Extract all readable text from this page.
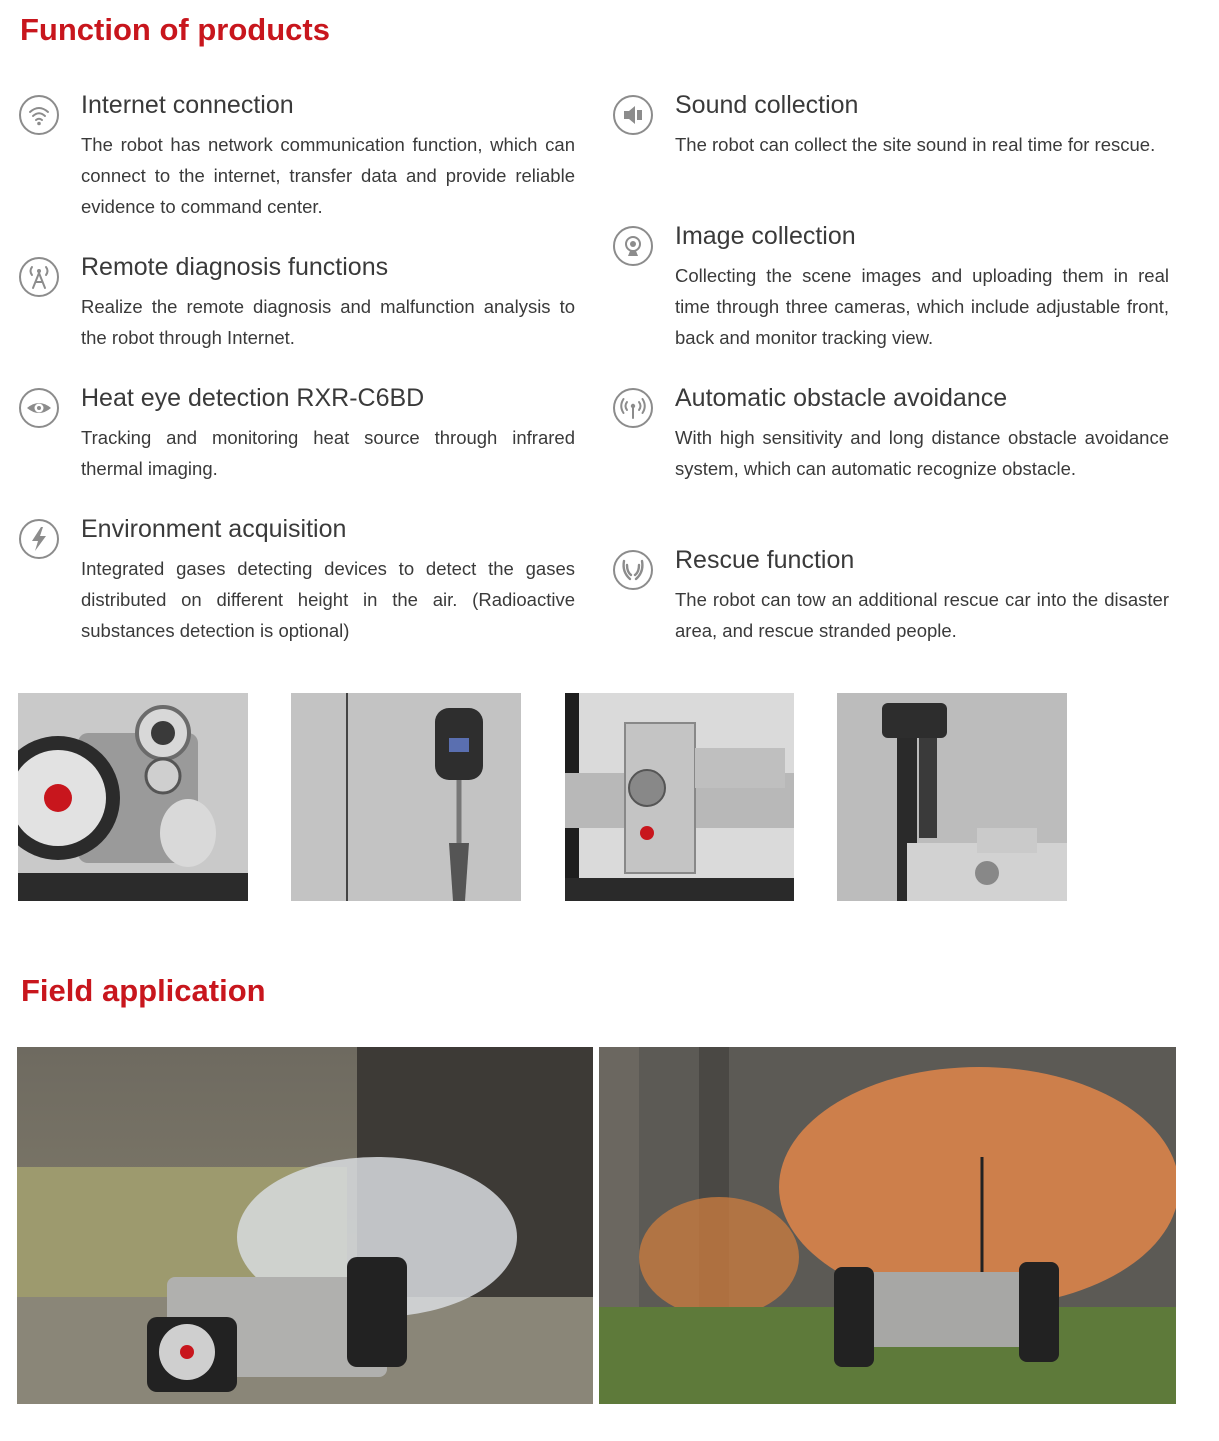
Function of products
Internet connection

The robot has network communication function, which can connect to the internet, transfer data and provide reliable evidence to command center.

Remote diagnosis functions

Realize the remote diagnosis and malfunction analysis to the robot through Internet.

Heat eye detection RXR-C6BD

Tracking and monitoring heat source through infrared thermal imaging.

Environment acquisition

Integrated gases detecting devices to detect the gases distributed on different height in the air. (Radioactive substances detection is optional)

Sound collection

The robot can collect the site sound in real time for rescue.

Image collection

Collecting the scene images and uploading them in real time through three cameras, which include adjustable front, back and monitor tracking view.

Automatic obstacle avoidance

With high sensitivity and long distance obstacle avoidance system, which can automatic recognize obstacle.

Rescue function

The robot can tow an additional rescue car into the disaster area, and rescue stranded people.

Field application
